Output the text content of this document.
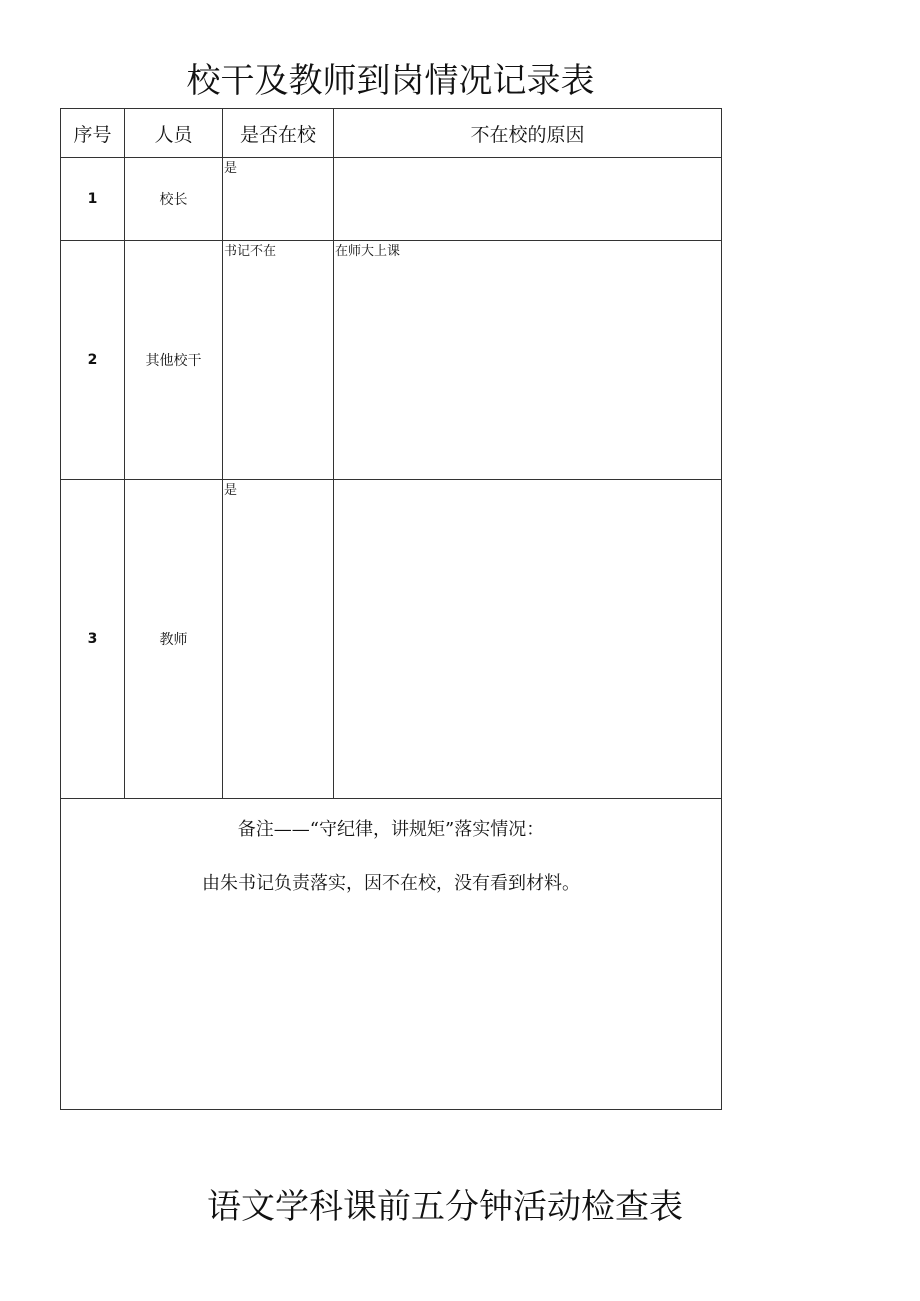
校干及教师到岗情况记录表
序号	人员	是否在校	不在校的原因
1	校长	是	

2	其他校干	书记不在	在师大上课

3	教师	是	

备注——“守纪律，讲规矩”落实情况：
由朱书记负责落实，因不在校，没有看到材料。			
语文学科课前五分钟活动检查表
